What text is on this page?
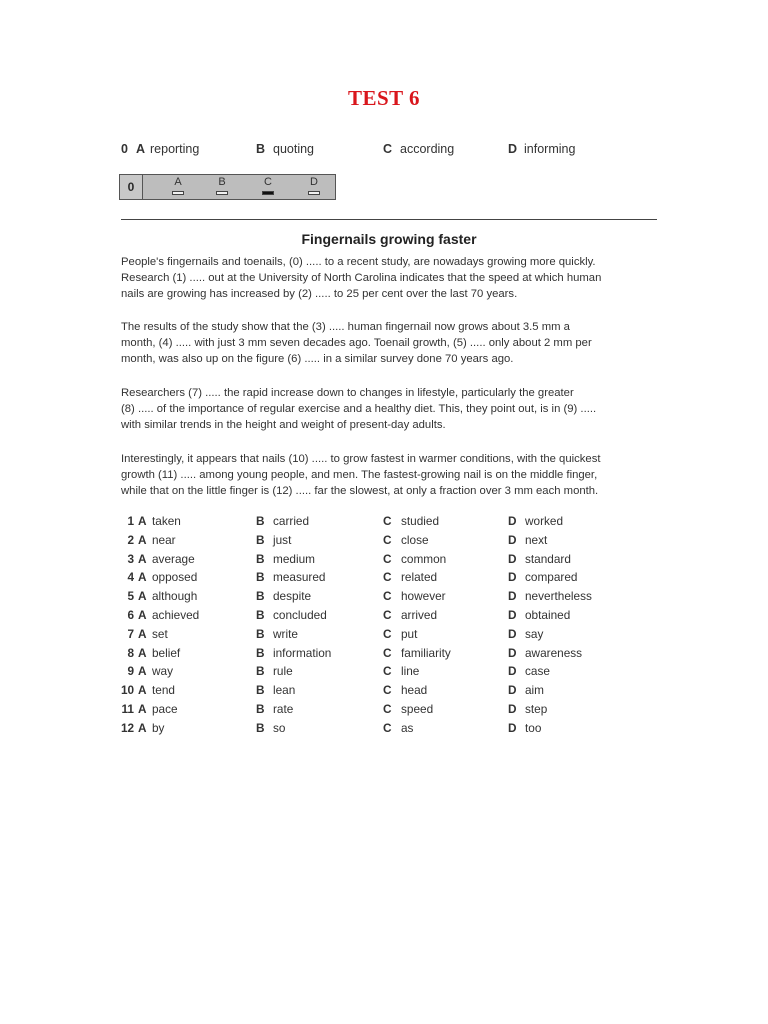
TEST 6
0 A reporting	B quoting	C according	D informing
0	A	B	C	D
Fingernails growing faster
People's fingernails and toenails, (0) ..... to a recent study, are nowadays growing more quickly.
Research (1) ..... out at the University of North Carolina indicates that the speed at which human
nails are growing has increased by (2) ..... to 25 per cent over the last 70 years.
The results of the study show that the (3) ..... human fingernail now grows about 3.5 mm a
month, (4) ..... with just 3 mm seven decades ago. Toenail growth, (5) ..... only about 2 mm per
month, was also up on the figure (6) ..... in a similar survey done 70 years ago.
Researchers (7) ..... the rapid increase down to changes in lifestyle, particularly the greater
(8) ..... of the importance of regular exercise and a healthy diet. This, they point out, is in (9) .....
with similar trends in the height and weight of present-day adults.
Interestingly, it appears that nails (10) ..... to grow fastest in warmer conditions, with the quickest
growth (11) ..... among young people, and men. The fastest-growing nail is on the middle finger,
while that on the little finger is (12) ..... far the slowest, at only a fraction over 3 mm each month.
1 A taken	B carried	C studied	D worked
2 A near	B just	C close	D next
3 A average	B medium	C common	D standard
4 A opposed	B measured	C related	D compared
5 A although	B despite	C however	D nevertheless
6 A achieved	B concluded	C arrived	D obtained
7 A set	B write	C put	D say
8 A belief	B information	C familiarity	D awareness
9 A way	B rule	C line	D case
10 A tend	B lean	C head	D aim
11 A pace	B rate	C speed	D step
12 A by	B so	C as	D too
